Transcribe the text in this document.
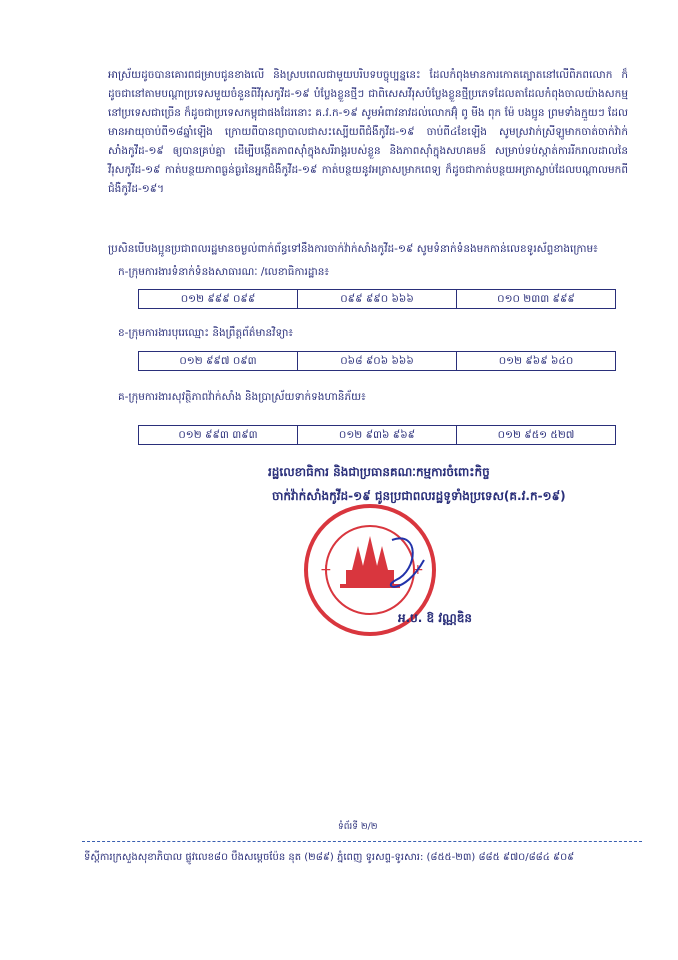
អាស្រ័យដូចបានគោរពជម្រាបជូនខាងលើ និងស្របពេលជាមួយបរិបទបច្ចុប្បន្ននេះ ដែលកំពុងមានការកោតត្បោតនៅលើពិភពលោក ក៏ដូចជានៅតាមបណ្តាប្រទេសមួយចំនួនពីវីរុសកូវីដ-១៩ បំប្លែងខ្លួនថ្មីៗ ជាពិសេសវីរុសបំប្លែងខ្លួនថ្មីប្រភេទដែលតាដែលកំពុងចាលយ៉ាងសកម្មនៅប្រទេសជាច្រើន ក៏ដូចជាប្រទេសកម្ពុជាផងដែរនោះ គ.វ.ក-១៩ សូមអំពាវនាវដល់លោកអ៊ុំ ពូ មីង ពុក ម៉ែ បងប្អូន ព្រមទាំងក្មួយៗ ដែលមានអាយុចាប់ពី១៨ឆ្នាំឡើង ក្រោយពីបានព្យាបាលជាសះស្បើយពីជំងឺកូវីដ-១៩ ចាប់ពី៤ខែឡើង សូមស្រវាក់ស្រីឡូមាកចាត់ចាក់វ៉ាក់សាំងកូវីដ-១៩ ឲ្យបានគ្រប់គ្នា ដើម្បីបង្កើតភាពស៊ាំក្នុងសរីរាង្គរបស់ខ្លួន និងភាពស៊ាំក្នុងសហគមន៍ សម្រាប់ទប់ស្កាត់ការរីករាលដាលនៃវីរុសកូវីដ-១៩ កាត់បន្ថយភាពធ្ងន់ធ្ងរនៃអ្នកជំងឺកូវីដ-១៩ កាត់បន្ថយនូវអត្រាសម្រាកពេទ្យ ក៏ដូចជាកាត់បន្ថយអត្រាស្លាប់ដែលបណ្តាលមកពីជំងឺកូវីដ-១៩។
ប្រសិនបើបងប្អូនប្រជាពលរដ្ឋមានចម្ងល់ពាក់ព័ន្ធទៅនឹងការចាក់វ៉ាក់សាំងកូវីដ-១៩ សូមទំនាក់ទំនងមកកាន់លេខទូរស័ព្ទខាងក្រោម៖
ក-ក្រុមការងារទំនាក់ទំនងសាធារណៈ /លេខាធិការដ្ឋាន៖
០១២ ៩៩៩ ០៩៩	០៩៩ ៩៩០ ៦៦៦	០១០ ២៣៣ ៩៩៩
ខ-ក្រុមការងារបុរេឈ្មោះ និងព្រឹត្តព័ត៌មានវិទ្យា៖
០១២ ៩៩៧ ០៩៣	០៦៨ ៩០៦ ៦៦៦	០១២ ៩៦៩ ៦៤០
គ-ក្រុមការងារសុវត្ថិភាពវ៉ាក់សាំង និងប្រាស្រ័យទាក់ទងហានិភ័យ៖
០១២ ៩៩៣ ៣៩៣	០១២ ៩៣៦ ៩៦៩	០១២ ៩៥១ ៥២៧
រដ្ឋលេខាធិការ និងជាប្រធានគណៈកម្មការចំពោះកិច្ច
ចាក់វ៉ាក់សាំងកូវីដ-១៩ ជូនប្រជាពលរដ្ឋទូទាំងប្រទេស(គ.វ.ក-១៩)
+	+
អ.ប. ឱ វណ្ណឌិន
ទំព័រទី ២/២
ទីស្តីការក្រសួងសុខាភិបាល ផ្លូវលេខ៨០ បឹងសម្តេចប៉ែន នុត (២៨៩) ភ្នំពេញ ទូរសព្ទ-ទូរសារ: (៨៥៥-២៣) ៨៨៥ ៩៧០/៨៨៤ ៩០៩
